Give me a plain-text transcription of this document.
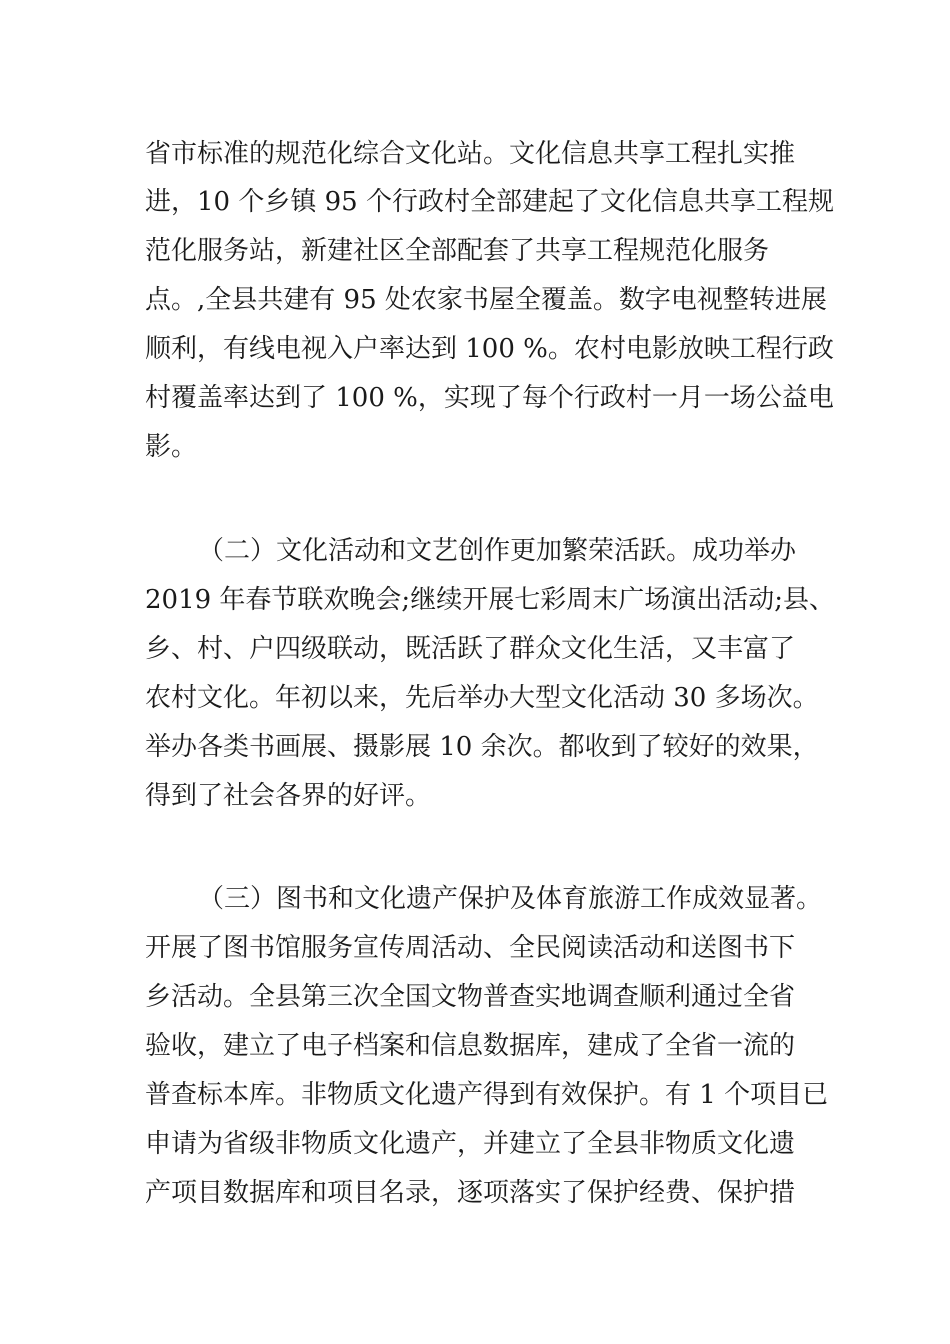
省市标准的规范化综合文化站。文化信息共享工程扎实推
进，10 个乡镇 95 个行政村全部建起了文化信息共享工程规
范化服务站，新建社区全部配套了共享工程规范化服务
点。,全县共建有 95 处农家书屋全覆盖。数字电视整转进展
顺利，有线电视入户率达到 100 %。农村电影放映工程行政
村覆盖率达到了 100 %，实现了每个行政村一月一场公益电
影。
（二）文化活动和文艺创作更加繁荣活跃。成功举办
2019 年春节联欢晚会;继续开展七彩周末广场演出活动;县、
乡、村、户四级联动，既活跃了群众文化生活，又丰富了
农村文化。年初以来，先后举办大型文化活动 30 多场次。
举办各类书画展、摄影展 10 余次。都收到了较好的效果，
得到了社会各界的好评。
（三）图书和文化遗产保护及体育旅游工作成效显著。
开展了图书馆服务宣传周活动、全民阅读活动和送图书下
乡活动。全县第三次全国文物普查实地调查顺利通过全省
验收，建立了电子档案和信息数据库，建成了全省一流的
普查标本库。非物质文化遗产得到有效保护。有 1 个项目已
申请为省级非物质文化遗产，并建立了全县非物质文化遗
产项目数据库和项目名录，逐项落实了保护经费、保护措
